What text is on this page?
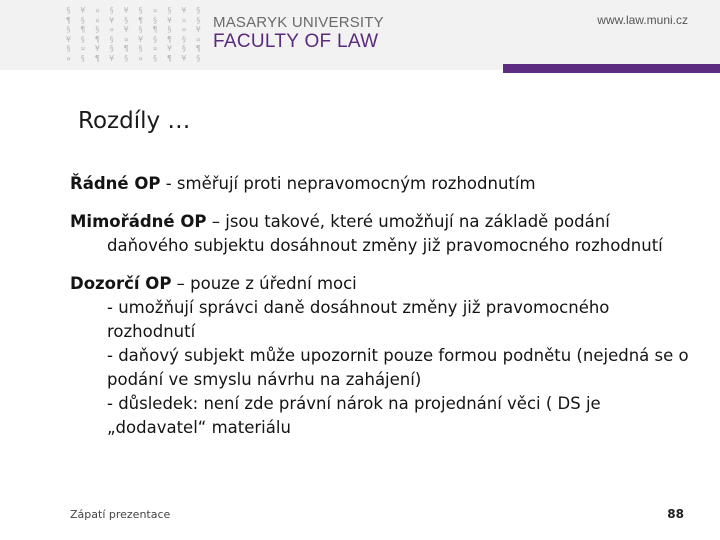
§ ¥ ¤ § ¥ § ¤ § ¥ §
¶ § ¤ ¥ § ¶ § ¥ ¤ §
§ ¶ § ¤ ¥ § ¶ § ¤ ¥
¥ § ¶ § ¤ ¥ § ¶ § ¤
§ ¤ ¥ § ¶ § ¤ ¥ § ¶
¤ § ¶ ¥ § ¤ § ¶ ¥ §
MASARYK UNIVERSITY
FACULTY OF LAW
www.law.muni.cz
Rozdíly …

Řádné OP - směřují proti nepravomocným rozhodnutím

Mimořádné OP – jsou takové, které umožňují na základě podání daňového subjektu dosáhnout změny již pravomocného rozhodnutí

Dozorčí OP – pouze z úřední moci

- umožňují správci daně dosáhnout změny již pravomocného rozhodnutí

- daňový subjekt může upozornit pouze formou podnětu (nejedná se o podání ve smyslu návrhu na zahájení)

- důsledek: není zde právní nárok na projednání věci ( DS je „dodavatel“ materiálu

Zápatí prezentace	88
